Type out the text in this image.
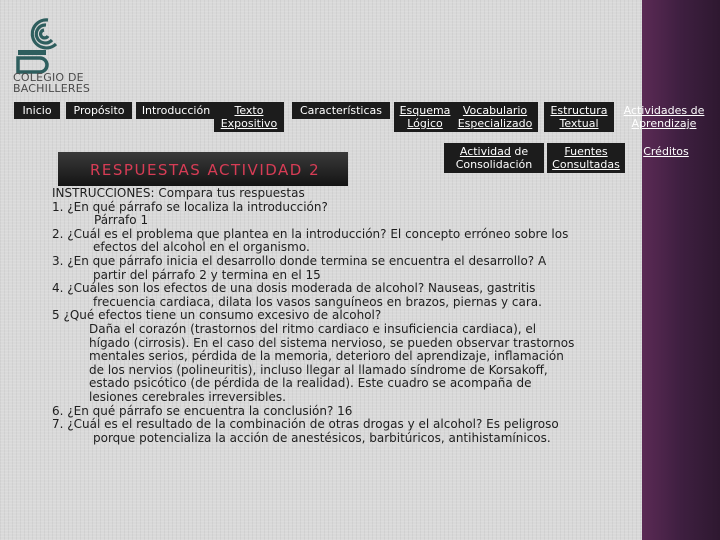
COLEGIO DE
BACHILLERES
Inicio	Propósito	Introducción	Texto
Expositivo
Características	Esquema
Lógico
Vocabulario
Especializado
Estructura
Textual
Actividades de
Aprendizaje
Actividad de
Consolidación
Fuentes
Consultadas
Créditos
RESPUESTAS ACTIVIDAD 2

INSTRUCCIONES: Compara tus respuestas

1. ¿En qué párrafo se localiza la introducción?

Párrafo 1

2. ¿Cuál es el problema que plantea en la introducción? El concepto erróneo sobre los

efectos del alcohol en el organismo.

3. ¿En que párrafo inicia el desarrollo donde termina se encuentra el desarrollo? A

partir del párrafo 2 y termina en el 15

4. ¿Cuáles son los efectos de una dosis moderada de alcohol? Nauseas, gastritis

frecuencia cardiaca, dilata los vasos sanguíneos en brazos, piernas y cara.

5 ¿Qué efectos tiene un consumo excesivo de alcohol?

Daña el corazón (trastornos del ritmo cardiaco e insuficiencia cardiaca), el

hígado (cirrosis). En el caso del sistema nervioso, se pueden observar trastornos

mentales serios, pérdida de la memoria, deterioro del aprendizaje, inflamación

de los nervios (polineuritis), incluso llegar al llamado síndrome de Korsakoff,

estado psicótico (de pérdida de la realidad). Este cuadro se acompaña de

lesiones cerebrales irreversibles.

6. ¿En qué párrafo se encuentra la conclusión? 16

7. ¿Cuál es el resultado de la combinación de otras drogas y el alcohol? Es peligroso

porque potencializa la acción de anestésicos, barbitúricos, antihistamínicos.
